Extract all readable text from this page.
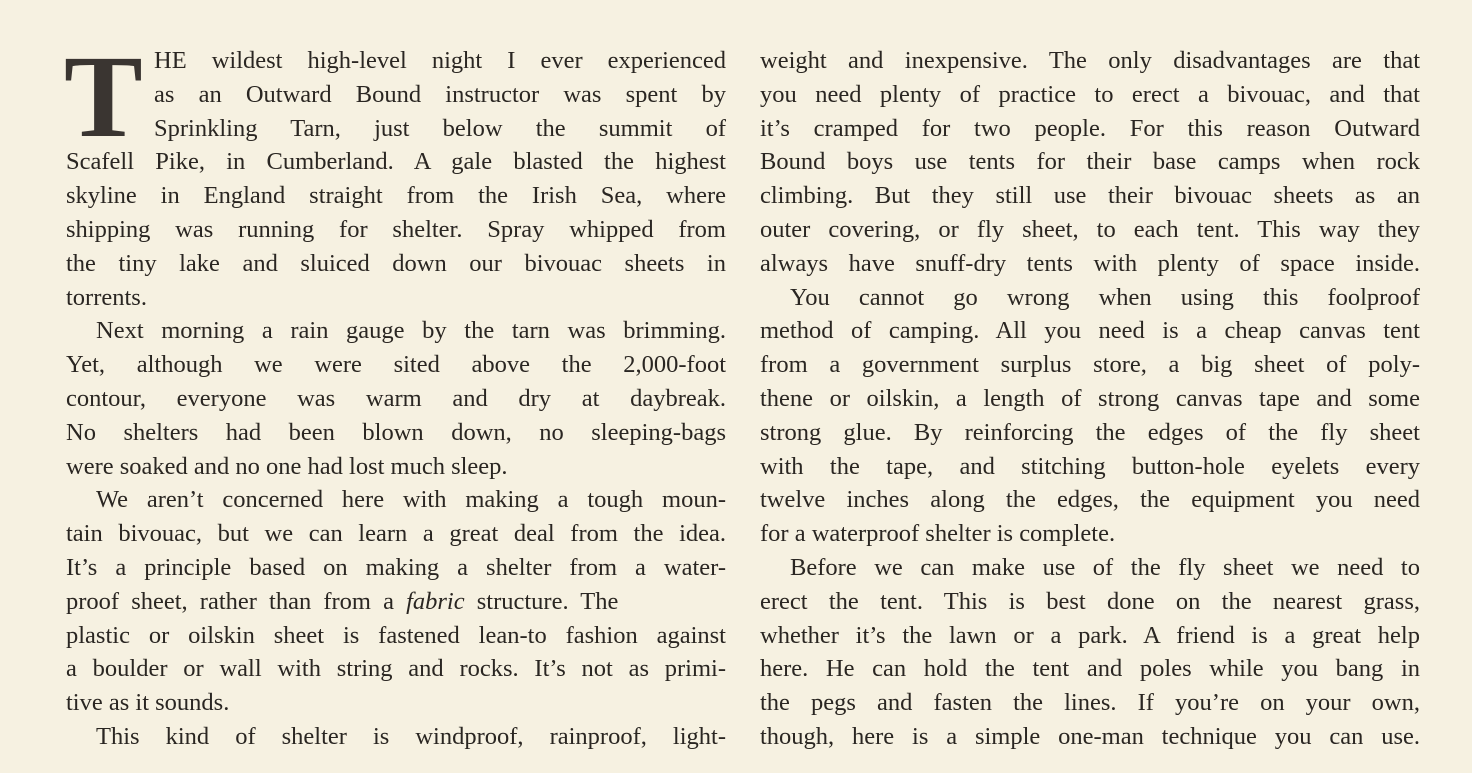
T HE wildest high-level night I ever experienced
as an Outward Bound instructor was spent by
Sprinkling Tarn, just below the summit of
Scafell Pike, in Cumberland. A gale blasted the highest
skyline in England straight from the Irish Sea, where
shipping was running for shelter. Spray whipped from
the tiny lake and sluiced down our bivouac sheets in
torrents.
Next morning a rain gauge by the tarn was brimming.
Yet, although we were sited above the 2,000-foot
contour, everyone was warm and dry at daybreak.
No shelters had been blown down, no sleeping-bags
were soaked and no one had lost much sleep.
We aren’t concerned here with making a tough moun-
tain bivouac, but we can learn a great deal from the idea.
It’s a principle based on making a shelter from a water-
proof sheet, rather than from a fabric structure. The
plastic or oilskin sheet is fastened lean-to fashion against
a boulder or wall with string and rocks. It’s not as primi-
tive as it sounds.
This kind of shelter is windproof, rainproof, light-
weight and inexpensive. The only disadvantages are that
you need plenty of practice to erect a bivouac, and that
it’s cramped for two people. For this reason Outward
Bound boys use tents for their base camps when rock
climbing. But they still use their bivouac sheets as an
outer covering, or fly sheet, to each tent. This way they
always have snuff-dry tents with plenty of space inside.
You cannot go wrong when using this foolproof
method of camping. All you need is a cheap canvas tent
from a government surplus store, a big sheet of poly-
thene or oilskin, a length of strong canvas tape and some
strong glue. By reinforcing the edges of the fly sheet
with the tape, and stitching button-hole eyelets every
twelve inches along the edges, the equipment you need
for a waterproof shelter is complete.
Before we can make use of the fly sheet we need to
erect the tent. This is best done on the nearest grass,
whether it’s the lawn or a park. A friend is a great help
here. He can hold the tent and poles while you bang in
the pegs and fasten the lines. If you’re on your own,
though, here is a simple one-man technique you can use.
